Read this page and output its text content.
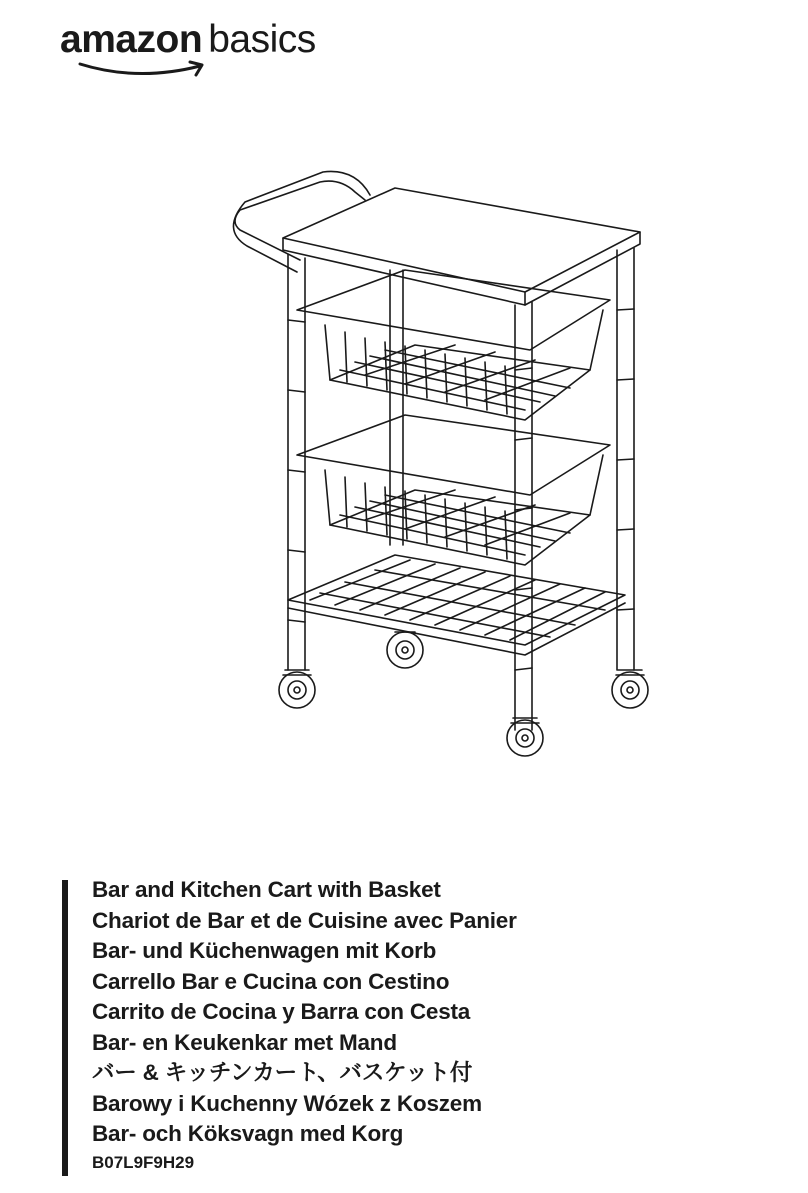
amazon basics
Bar and Kitchen Cart with Basket
Chariot de Bar et de Cuisine avec Panier
Bar- und Küchenwagen mit Korb
Carrello Bar e Cucina con Cestino
Carrito de Cocina y Barra con Cesta
Bar- en Keukenkar met Mand
バー & キッチンカート、バスケット付
Barowy i Kuchenny Wózek z Koszem
Bar- och Köksvagn med Korg
B07L9F9H29
